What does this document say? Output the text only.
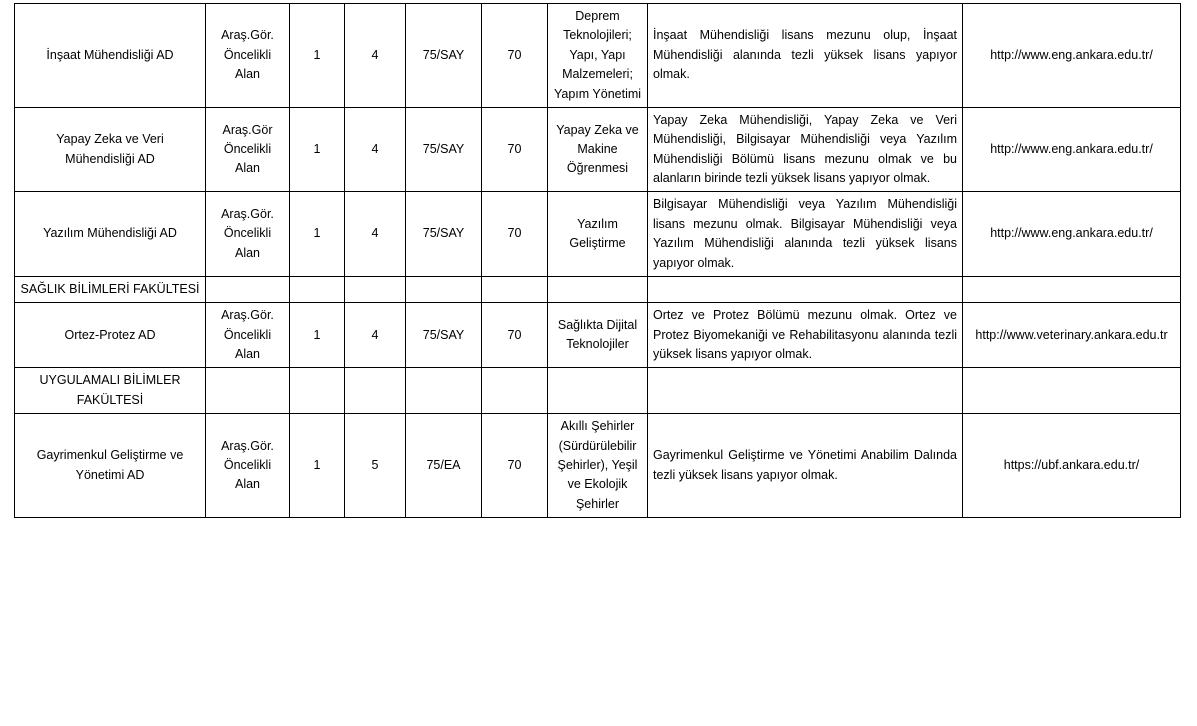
İnşaat Mühendisliği AD	Araş.Gör. Öncelikli Alan	1	4	75/SAY	70	Deprem Teknolojileri; Yapı, Yapı Malzemeleri; Yapım Yönetimi	İnşaat Mühendisliği lisans mezunu olup, İnşaat Mühendisliği alanında tezli yüksek lisans yapıyor olmak.	http://www.eng.ankara.edu.tr/
Yapay Zeka ve Veri Mühendisliği AD	Araş.Gör Öncelikli Alan	1	4	75/SAY	70	Yapay Zeka ve Makine Öğrenmesi	Yapay Zeka Mühendisliği, Yapay Zeka ve Veri Mühendisliği, Bilgisayar Mühendisliği veya Yazılım Mühendisliği Bölümü lisans mezunu olmak ve bu alanların birinde tezli yüksek lisans yapıyor olmak.	http://www.eng.ankara.edu.tr/
Yazılım Mühendisliği AD	Araş.Gör. Öncelikli Alan	1	4	75/SAY	70	Yazılım Geliştirme	Bilgisayar Mühendisliği veya Yazılım Mühendisliği lisans mezunu olmak. Bilgisayar Mühendisliği veya Yazılım Mühendisliği alanında tezli yüksek lisans yapıyor olmak.	http://www.eng.ankara.edu.tr/
SAĞLIK BİLİMLERİ FAKÜLTESİ								
Ortez-Protez AD	Araş.Gör. Öncelikli Alan	1	4	75/SAY	70	Sağlıkta Dijital Teknolojiler	Ortez ve Protez Bölümü mezunu olmak. Ortez ve Protez Biyomekaniği ve Rehabilitasyonu alanında tezli yüksek lisans yapıyor olmak.	http://www.veterinary.ankara.edu.tr
UYGULAMALI BİLİMLER FAKÜLTESİ								
Gayrimenkul Geliştirme ve Yönetimi AD	Araş.Gör. Öncelikli Alan	1	5	75/EA	70	Akıllı Şehirler (Sürdürülebilir Şehirler), Yeşil ve Ekolojik Şehirler	Gayrimenkul Geliştirme ve Yönetimi Anabilim Dalında tezli yüksek lisans yapıyor olmak.	https://ubf.ankara.edu.tr/
